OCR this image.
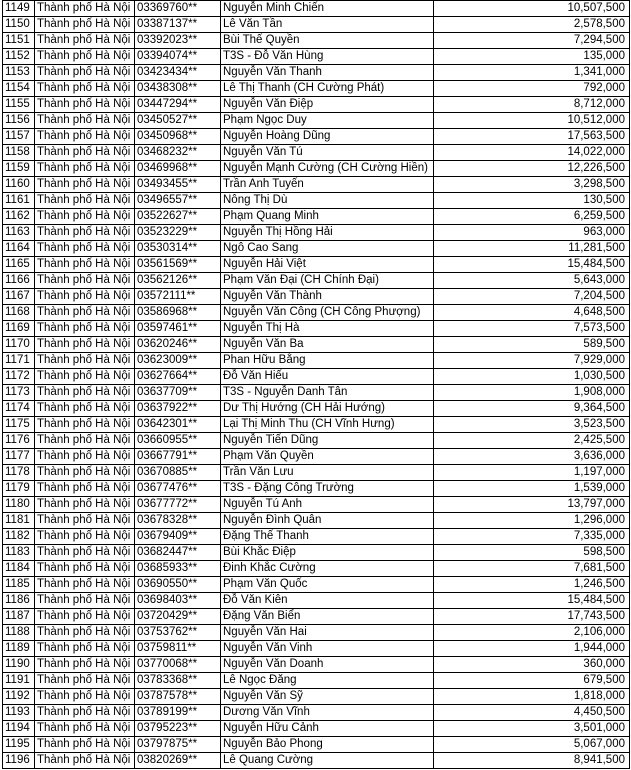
1149	Thành phố Hà Nội	03369760**	Nguyễn Minh Chiến	10,507,500
1150	Thành phố Hà Nội	03387137**	Lê Văn Tần	2,578,500
1151	Thành phố Hà Nội	03392023**	Bùi Thế Quyền	7,294,500
1152	Thành phố Hà Nội	03394074**	T3S - Đỗ Văn Hùng	135,000
1153	Thành phố Hà Nội	03423434**	Nguyễn Văn Thanh	1,341,000
1154	Thành phố Hà Nội	03438308**	Lê Thị Thanh (CH Cường Phát)	792,000
1155	Thành phố Hà Nội	03447294**	Nguyễn Văn Điệp	8,712,000
1156	Thành phố Hà Nội	03450527**	Phạm Ngọc Duy	10,512,000
1157	Thành phố Hà Nội	03450968**	Nguyễn Hoàng Dũng	17,563,500
1158	Thành phố Hà Nội	03468232**	Nguyễn Văn Tú	14,022,000
1159	Thành phố Hà Nội	03469968**	Nguyễn Mạnh Cường (CH Cường Hiền)	12,226,500
1160	Thành phố Hà Nội	03493455**	Trần Anh Tuyến	3,298,500
1161	Thành phố Hà Nội	03496557**	Nông Thị Dù	130,500
1162	Thành phố Hà Nội	03522627**	Phạm Quang Minh	6,259,500
1163	Thành phố Hà Nội	03523229**	Nguyễn Thị Hồng Hải	963,000
1164	Thành phố Hà Nội	03530314**	Ngô Cao Sang	11,281,500
1165	Thành phố Hà Nội	03561569**	Nguyễn Hải Việt	15,484,500
1166	Thành phố Hà Nội	03562126**	Phạm Văn Đại (CH Chính Đại)	5,643,000
1167	Thành phố Hà Nội	03572111**	Nguyễn Văn Thành	7,204,500
1168	Thành phố Hà Nội	03586968**	Nguyễn Văn Công (CH Công Phượng)	4,648,500
1169	Thành phố Hà Nội	03597461**	Nguyễn Thị Hà	7,573,500
1170	Thành phố Hà Nội	03620246**	Nguyễn Văn Ba	589,500
1171	Thành phố Hà Nội	03623009**	Phan Hữu Bằng	7,929,000
1172	Thành phố Hà Nội	03627664**	Đỗ Văn Hiếu	1,030,500
1173	Thành phố Hà Nội	03637709**	T3S - Nguyễn Danh Tân	1,908,000
1174	Thành phố Hà Nội	03637922**	Dư Thị Hướng (CH Hải Hướng)	9,364,500
1175	Thành phố Hà Nội	03642301**	Lại Thị Minh Thu (CH Vĩnh Hưng)	3,523,500
1176	Thành phố Hà Nội	03660955**	Nguyễn Tiến Dũng	2,425,500
1177	Thành phố Hà Nội	03667791**	Phạm Văn Quyền	3,636,000
1178	Thành phố Hà Nội	03670885**	Trần Văn Lưu	1,197,000
1179	Thành phố Hà Nội	03677476**	T3S - Đặng Công Trường	1,539,000
1180	Thành phố Hà Nội	03677772**	Nguyễn Tú Anh	13,797,000
1181	Thành phố Hà Nội	03678328**	Nguyễn Đình Quân	1,296,000
1182	Thành phố Hà Nội	03679409**	Đặng Thế Thanh	7,335,000
1183	Thành phố Hà Nội	03682447**	Bùi Khắc Điệp	598,500
1184	Thành phố Hà Nội	03685933**	Đinh Khắc Cường	7,681,500
1185	Thành phố Hà Nội	03690550**	Phạm Văn Quốc	1,246,500
1186	Thành phố Hà Nội	03698403**	Đỗ Văn Kiên	15,484,500
1187	Thành phố Hà Nội	03720429**	Đặng Văn Biển	17,743,500
1188	Thành phố Hà Nội	03753762**	Nguyễn Văn Hai	2,106,000
1189	Thành phố Hà Nội	03759811**	Nguyễn Văn Vinh	1,944,000
1190	Thành phố Hà Nội	03770068**	Nguyễn Văn Doanh	360,000
1191	Thành phố Hà Nội	03783368**	Lê Ngọc Đăng	679,500
1192	Thành phố Hà Nội	03787578**	Nguyễn Văn Sỹ	1,818,000
1193	Thành phố Hà Nội	03789199**	Dương Văn Vĩnh	4,450,500
1194	Thành phố Hà Nội	03795223**	Nguyễn Hữu Cảnh	3,501,000
1195	Thành phố Hà Nội	03797875**	Nguyễn Bảo Phong	5,067,000
1196	Thành phố Hà Nội	03820269**	Lê Quang Cường	8,941,500
